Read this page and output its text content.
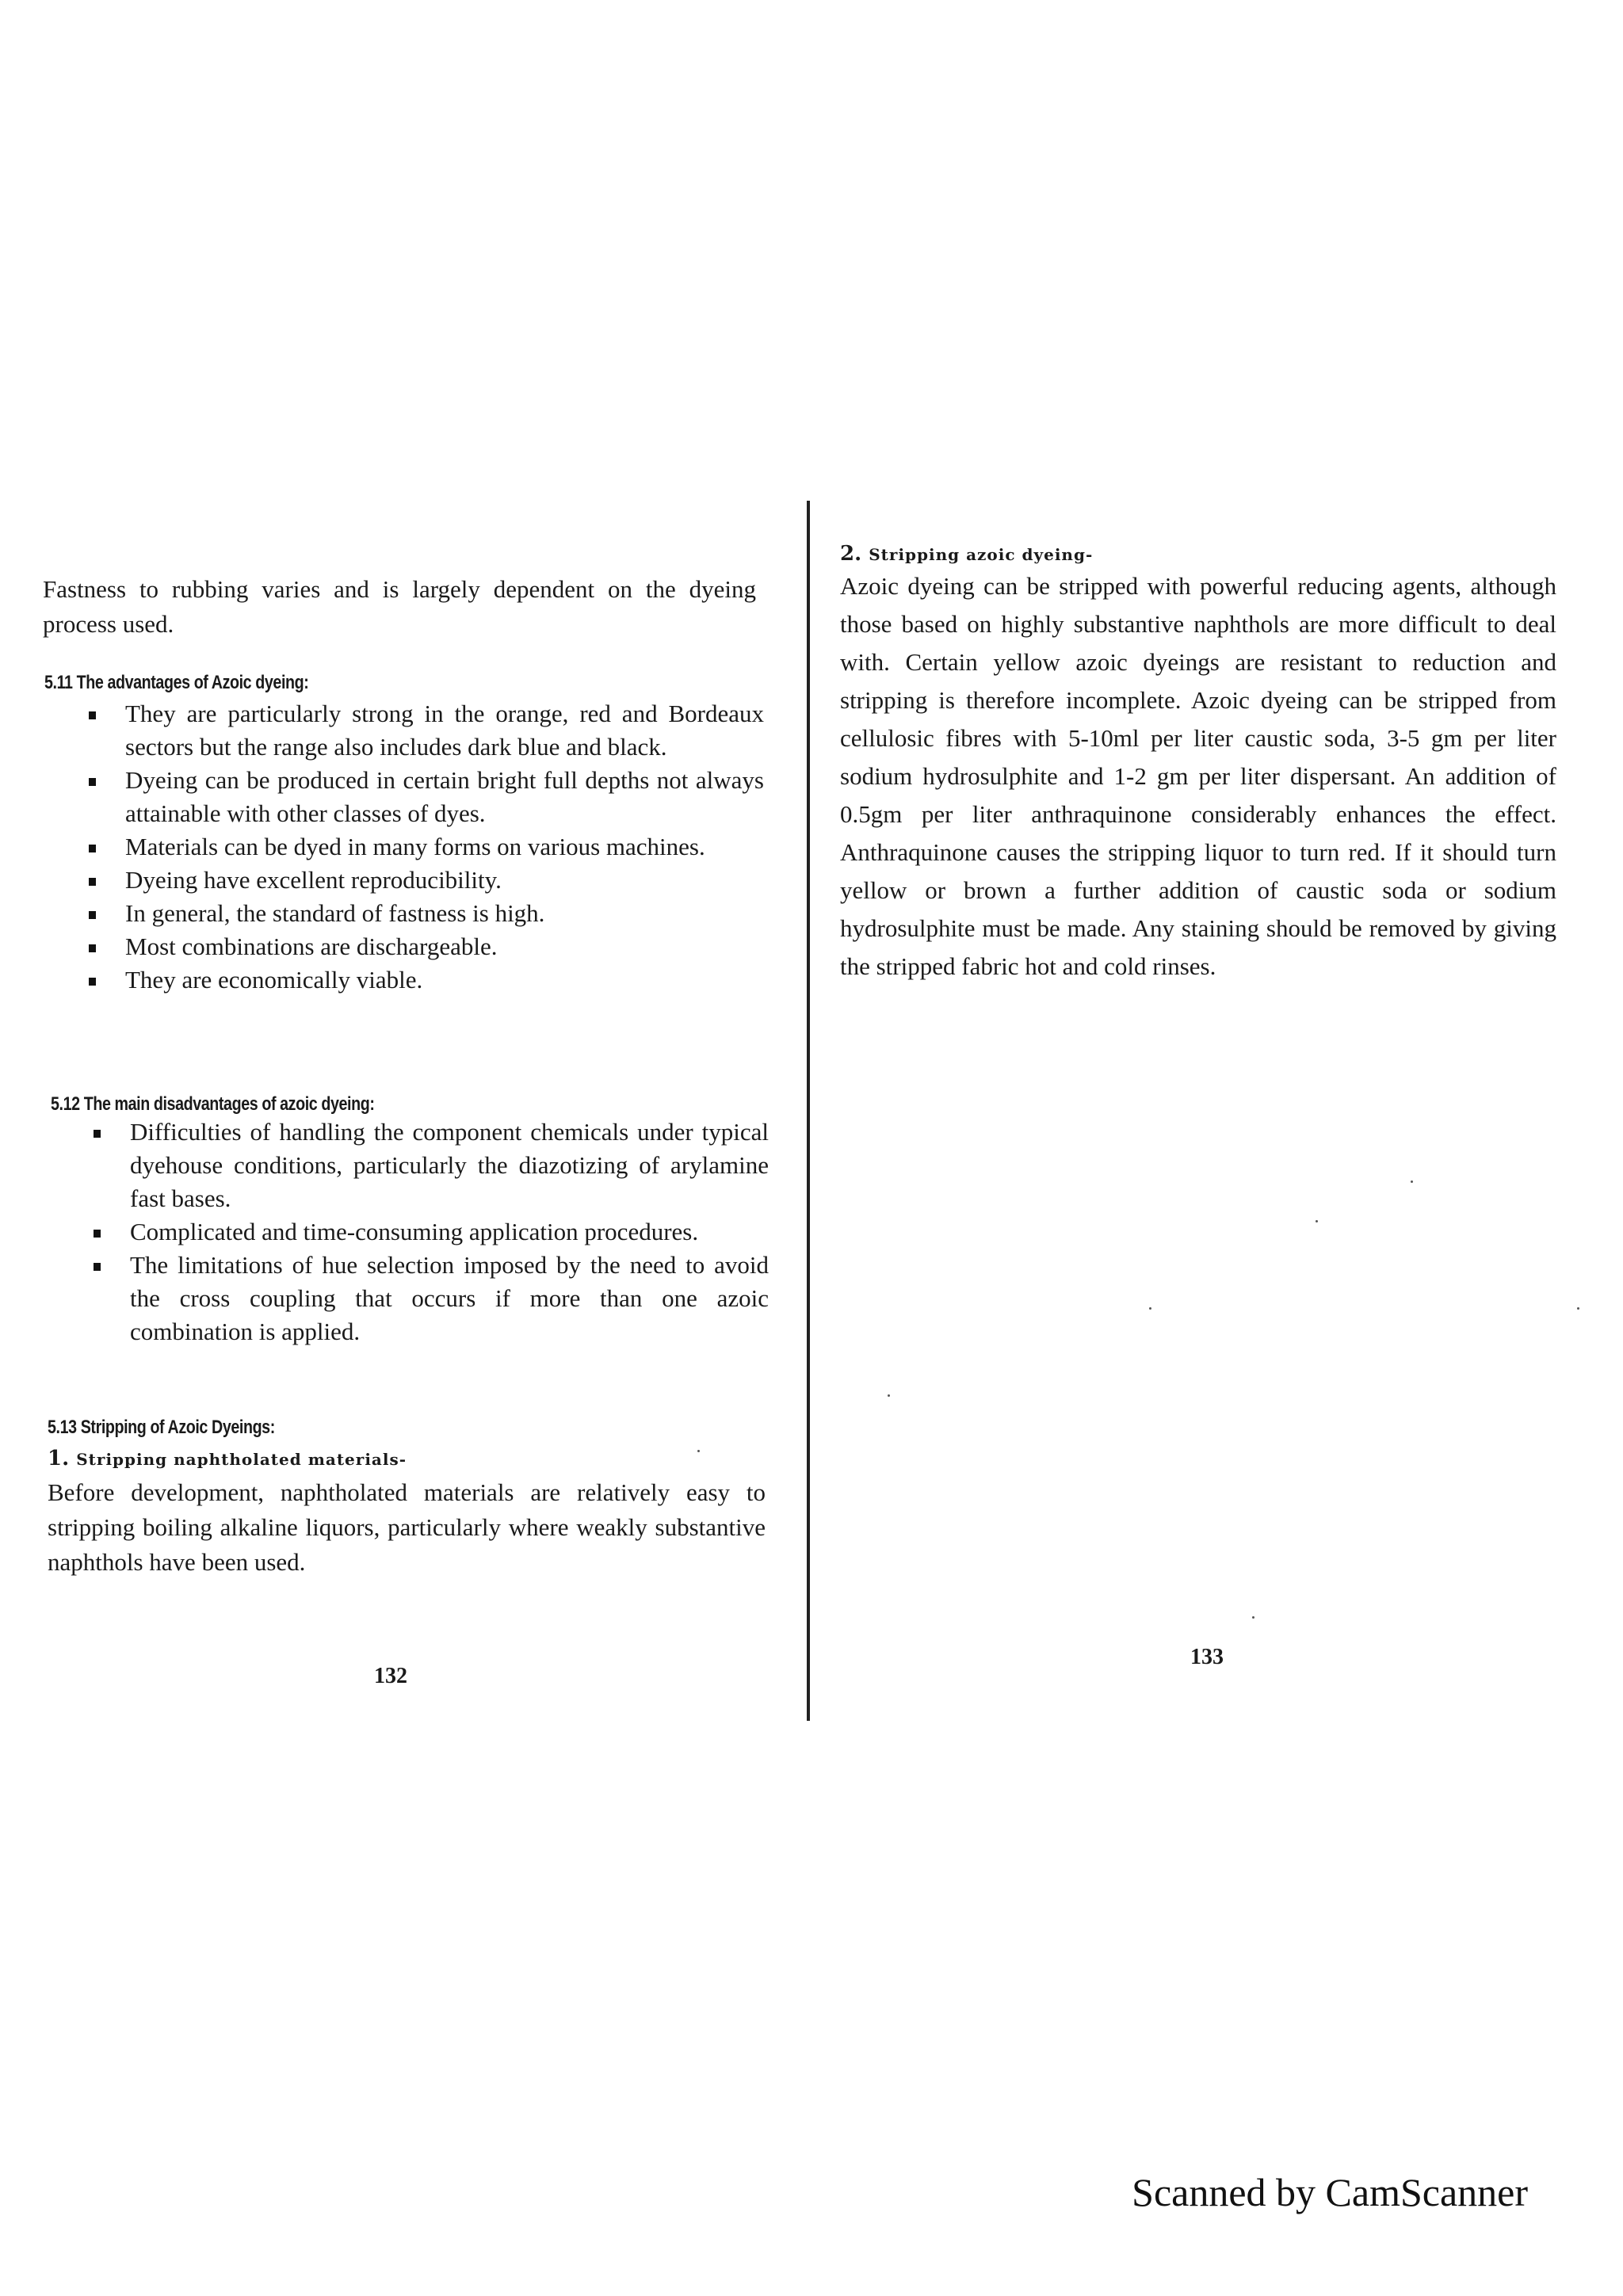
Fastness to rubbing varies and is largely dependent on the dyeing process used.
5.11 The advantages of Azoic dyeing:
They are particularly strong in the orange, red and Bordeaux sectors but the range also includes dark blue and black.
Dyeing can be produced in certain bright full depths not always attainable with other classes of dyes.
Materials can be dyed in many forms on various machines.
Dyeing have excellent reproducibility.
In general, the standard of fastness is high.
Most combinations are dischargeable.
They are economically viable.
5.12 The main disadvantages of azoic dyeing:
Difficulties of handling the component chemicals under typical dyehouse conditions, particularly the diazotizing of arylamine fast bases.
Complicated and time-consuming application procedures.
The limitations of hue selection imposed by the need to avoid the cross coupling that occurs if more than one azoic combination is applied.
5.13 Stripping of Azoic Dyeings:
1. Stripping naphtholated materials-
Before development, naphtholated materials are relatively easy to stripping boiling alkaline liquors, particularly where weakly substantive naphthols have been used.
132
2. Stripping azoic dyeing-
Azoic dyeing can be stripped with powerful reducing agents, although those based on highly substantive naphthols are more difficult to deal with. Certain yellow azoic dyeings are resistant to reduction and stripping is therefore incomplete. Azoic dyeing can be stripped from cellulosic fibres with 5-10ml per liter caustic soda, 3-5 gm per liter sodium hydrosulphite and 1-2 gm per liter dispersant. An addition of 0.5gm per liter anthraquinone considerably enhances the effect. Anthraquinone causes the stripping liquor to turn red. If it should turn yellow or brown a further addition of caustic soda or sodium hydrosulphite must be made. Any staining should be removed by giving the stripped fabric hot and cold rinses.
133
Scanned by CamScanner
